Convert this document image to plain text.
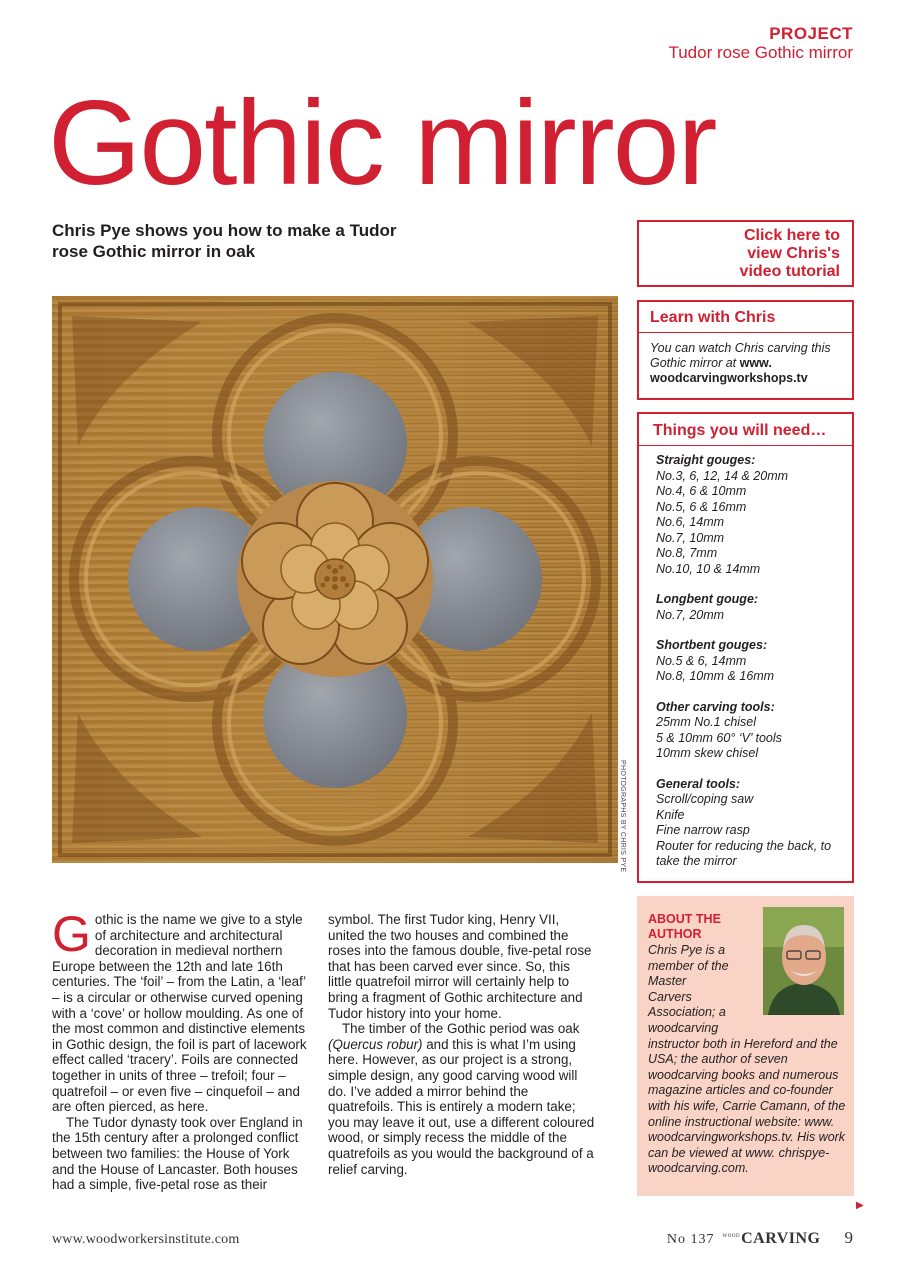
PROJECT
Tudor rose Gothic mirror
Gothic mirror
Chris Pye shows you how to make a Tudor rose Gothic mirror in oak
Click here to view Chris's video tutorial
Learn with Chris
You can watch Chris carving this Gothic mirror at www. woodcarvingworkshops.tv
Things you will need…
Straight gouges:
No.3, 6, 12, 14 & 20mm
No.4, 6 & 10mm
No.5, 6 & 16mm
No.6, 14mm
No.7, 10mm
No.8, 7mm
No.10, 10 & 14mm
Longbent gouge:
No.7, 20mm
Shortbent gouges:
No.5 & 6, 14mm
No.8, 10mm & 16mm
Other carving tools:
25mm No.1 chisel
5 & 10mm 60° ‘V’ tools
10mm skew chisel
General tools:
Scroll/coping saw
Knife
Fine narrow rasp
Router for reducing the back, to take the mirror
PHOTOGRAPHS BY CHRIS PYE

Gothic is the name we give to a style of architecture and architectural decoration in medieval northern Europe between the 12th and late 16th centuries. The ‘foil’ – from the Latin, a ‘leaf’ – is a circular or otherwise curved opening with a ‘cove’ or hollow moulding. As one of the most common and distinctive elements in Gothic design, the foil is part of lacework effect called ‘tracery’. Foils are connected together in units of three – trefoil; four – quatrefoil – or even five – cinquefoil – and are often pierced, as here.

The Tudor dynasty took over England in the 15th century after a prolonged conflict between two families: the House of York and the House of Lancaster. Both houses had a simple, five-petal rose as their

symbol. The first Tudor king, Henry VII, united the two houses and combined the roses into the famous double, five-petal rose that has been carved ever since. So, this little quatrefoil mirror will certainly help to bring a fragment of Gothic architecture and Tudor history into your home.

The timber of the Gothic period was oak (Quercus robur) and this is what I’m using here. However, as our project is a strong, simple design, any good carving wood will do. I’ve added a mirror behind the quatrefoils. This is entirely a modern take; you may leave it out, use a different coloured wood, or simply recess the middle of the quatrefoils as you would the background of a relief carving.

ABOUT THE AUTHOR
Chris Pye is a member of the Master Carvers Association; a woodcarving instructor both in Hereford and the USA; the author of seven woodcarving books and numerous magazine articles and co-founder with his wife, Carrie Camann, of the online instructional website: www. woodcarvingworkshops.tv. His work can be viewed at www. chrispye-woodcarving.com.
▶
www.woodworkersinstitute.com	No 137 $^{WOOD}$CARVING 9
